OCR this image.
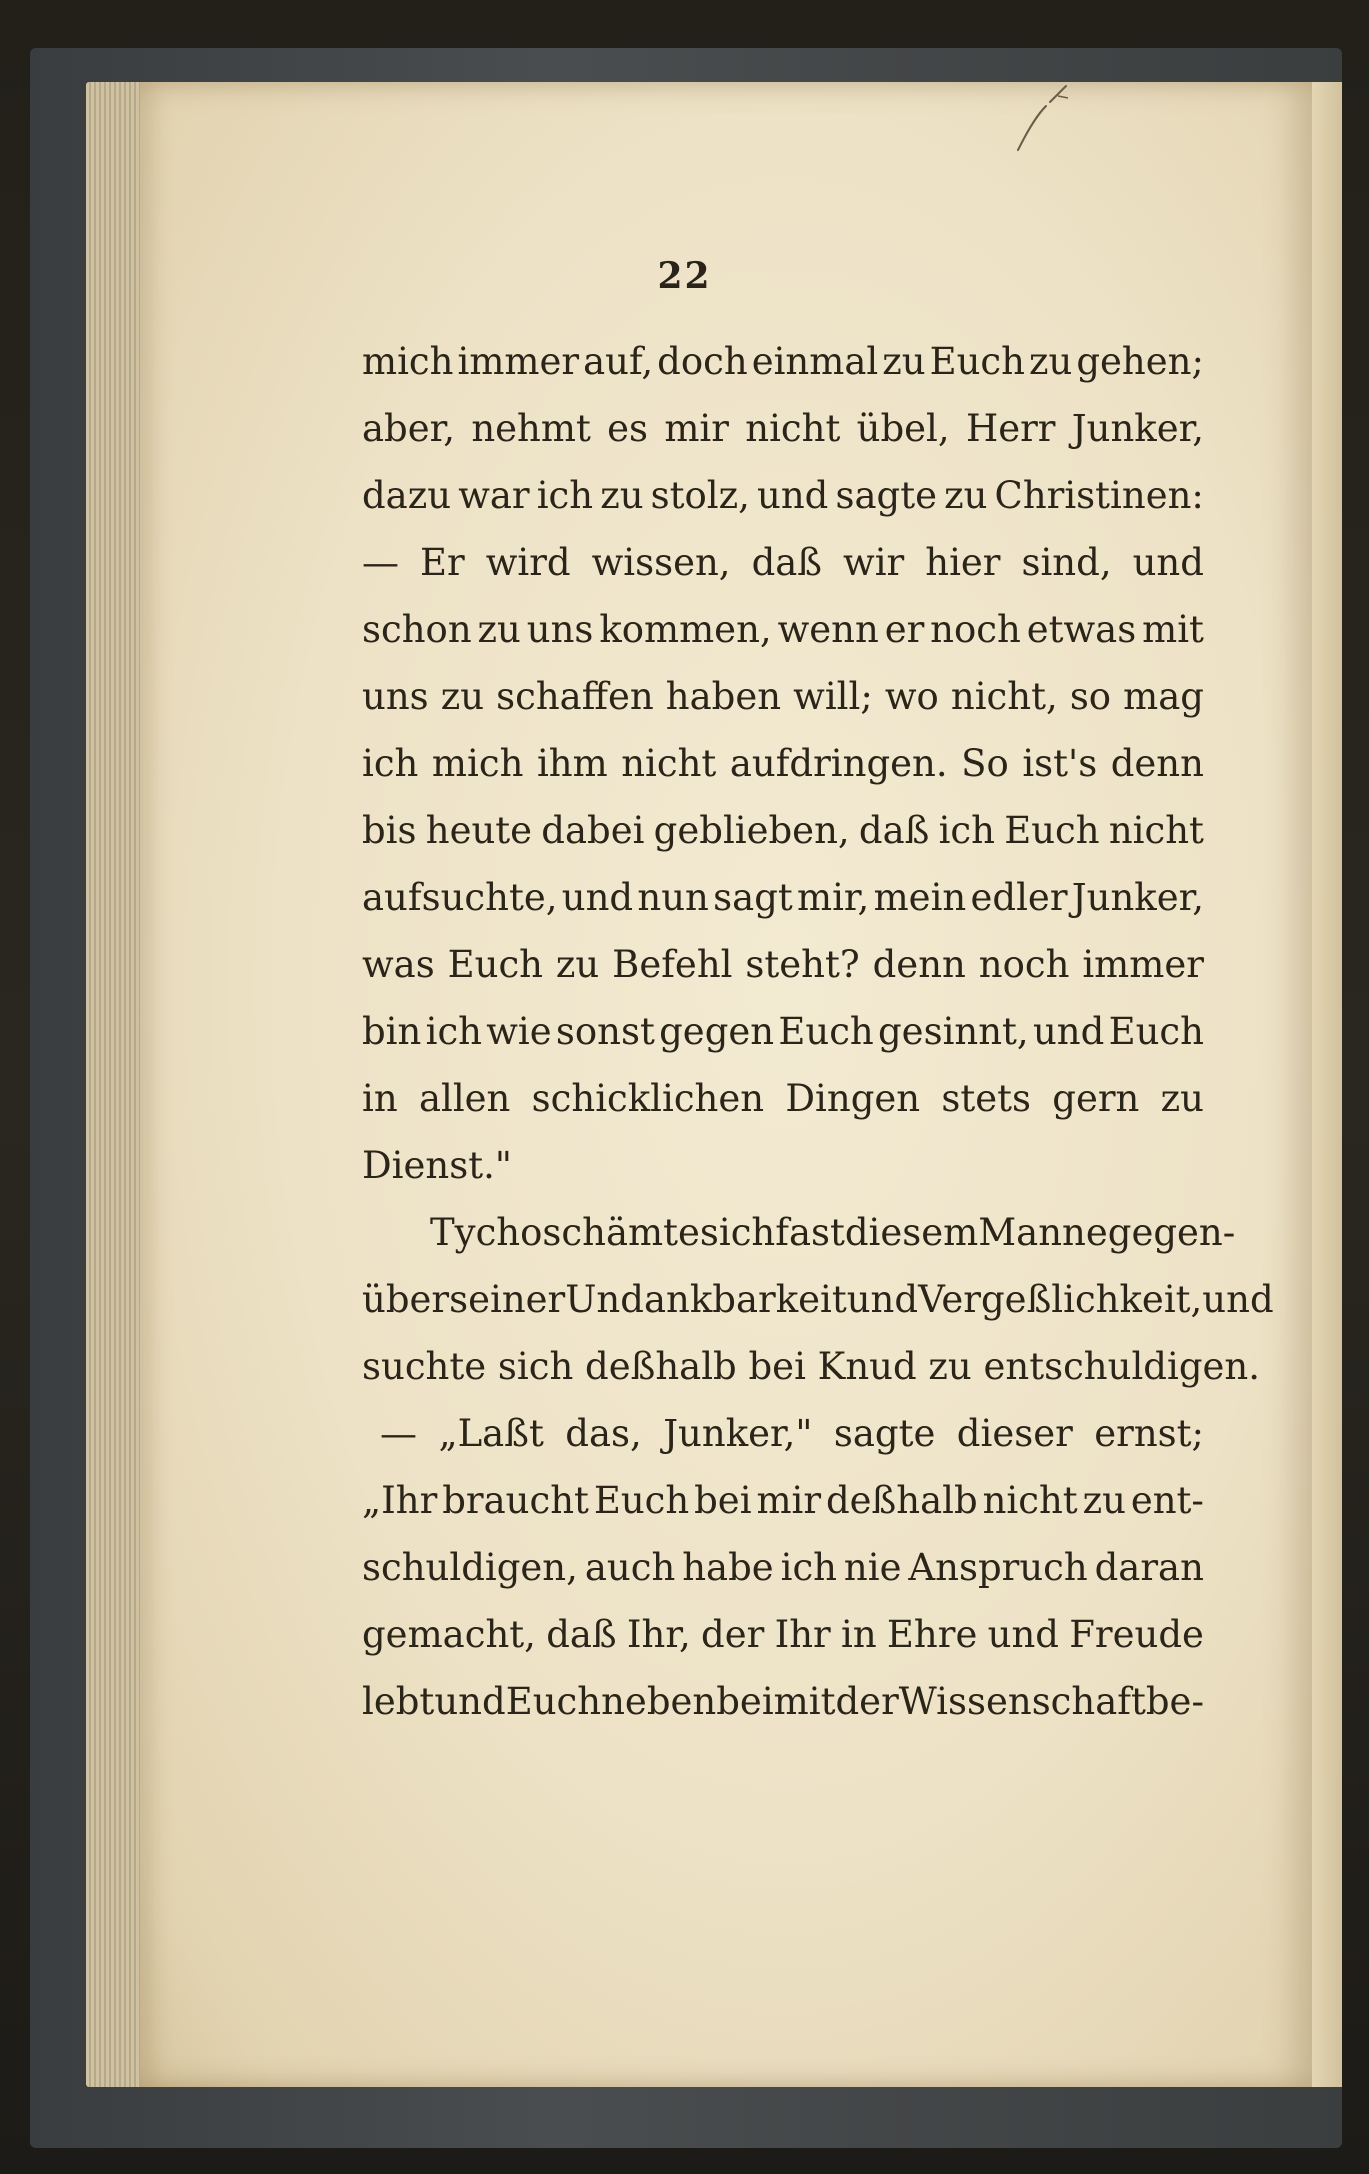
22
mich immer auf, doch einmal zu Euch zu gehen;
aber, nehmt es mir nicht übel, Herr Junker,
dazu war ich zu stolz, und sagte zu Christinen:
— Er wird wissen, daß wir hier sind, und
schon zu uns kommen, wenn er noch etwas mit
uns zu schaffen haben will; wo nicht, so mag
ich mich ihm nicht aufdringen. So ist's denn
bis heute dabei geblieben, daß ich Euch nicht
aufsuchte, und nun sagt mir, mein edler Junker,
was Euch zu Befehl steht? denn noch immer
bin ich wie sonst gegen Euch gesinnt, und Euch
in allen schicklichen Dingen stets gern zu
Dienst."
Tycho schämte sich fast diesem Manne gegen-
über seiner Undankbarkeit und Vergeßlichkeit, und
suchte sich deßhalb bei Knud zu entschuldigen.
— „Laßt das, Junker," sagte dieser ernst;
„Ihr braucht Euch bei mir deßhalb nicht zu ent-
schuldigen, auch habe ich nie Anspruch daran
gemacht, daß Ihr, der Ihr in Ehre und Freude
lebt und Euch nebenbei mit der Wissenschaft be-
